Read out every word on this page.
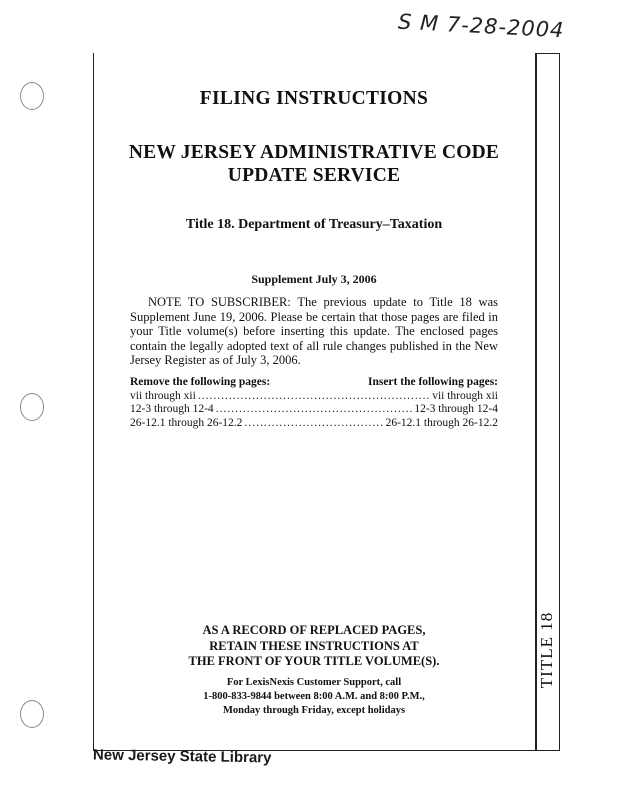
S M 7-28-2004
TITLE 18
FILING INSTRUCTIONS
NEW JERSEY ADMINISTRATIVE CODE
UPDATE SERVICE
Title 18. Department of Treasury–Taxation
Supplement July 3, 2006
NOTE TO SUBSCRIBER: The previous update to Title 18 was Supplement June 19, 2006. Please be certain that those pages are filed in your Title volume(s) before inserting this update. The enclosed pages contain the legally adopted text of all rule changes published in the New Jersey Register as of July 3, 2006.
Remove the following pages:	Insert the following pages:
vii through xii .....	vii through xii
12-3 through 12-4 .....	12-3 through 12-4
26-12.1 through 26-12.2 .....	26-12.1 through 26-12.2
AS A RECORD OF REPLACED PAGES,
RETAIN THESE INSTRUCTIONS AT
THE FRONT OF YOUR TITLE VOLUME(S).
For LexisNexis Customer Support, call
1-800-833-9844 between 8:00 A.M. and 8:00 P.M.,
Monday through Friday, except holidays
New Jersey State Library
